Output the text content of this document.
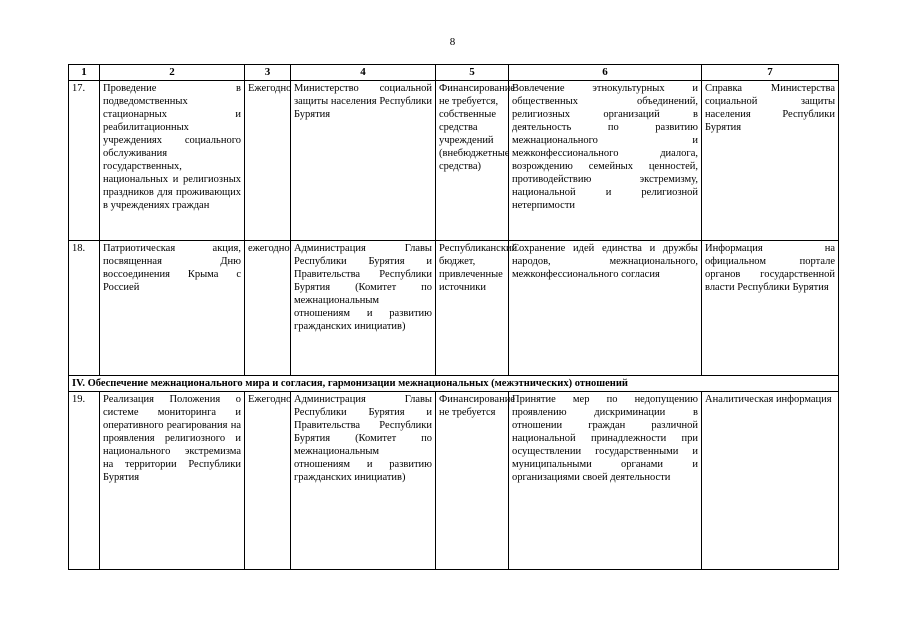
8
1	2	3	4	5	6	7
17.	Проведение в подведомственных стационарных и реабилитационных учреждениях социального обслуживания государственных, национальных и религиозных праздников для проживающих в учреждениях граждан	Ежегодно	Министерство социальной защиты населения Республики Бурятия	Финансирование не требуется, собственные средства учреждений (внебюджетные средства)	Вовлечение этнокультурных и общественных объединений, религиозных организаций в деятельность по развитию межнационального и межконфессионального диалога, возрождению семейных ценностей, противодействию экстремизму, национальной и религиозной нетерпимости	Справка Министерства социальной защиты населения Республики Бурятия
18.	Патриотическая акция, посвященная Дню воссоединения Крыма с Россией	ежегодно	Администрация Главы Республики Бурятия и Правительства Республики Бурятия (Комитет по межнациональным отношениям и развитию гражданских инициатив)	Республиканский бюджет, привлеченные источники	Сохранение идей единства и дружбы народов, межнационального, межконфессионального согласия	Информация на официальном портале органов государственной власти Республики Бурятия
IV. Обеспечение межнационального мира и согласия, гармонизации межнациональных (межэтнических) отношений						
19.	Реализация Положения о системе мониторинга и оперативного реагирования на проявления религиозного и национального экстремизма на территории Республики Бурятия	Ежегодно	Администрация Главы Республики Бурятия и Правительства Республики Бурятия (Комитет по межнациональным отношениям и развитию гражданских инициатив)	Финансирование не требуется	Принятие мер по недопущению проявлению дискриминации в отношении граждан различной национальной принадлежности при осуществлении государственными и муниципальными органами и организациями своей деятельности	Аналитическая информация
